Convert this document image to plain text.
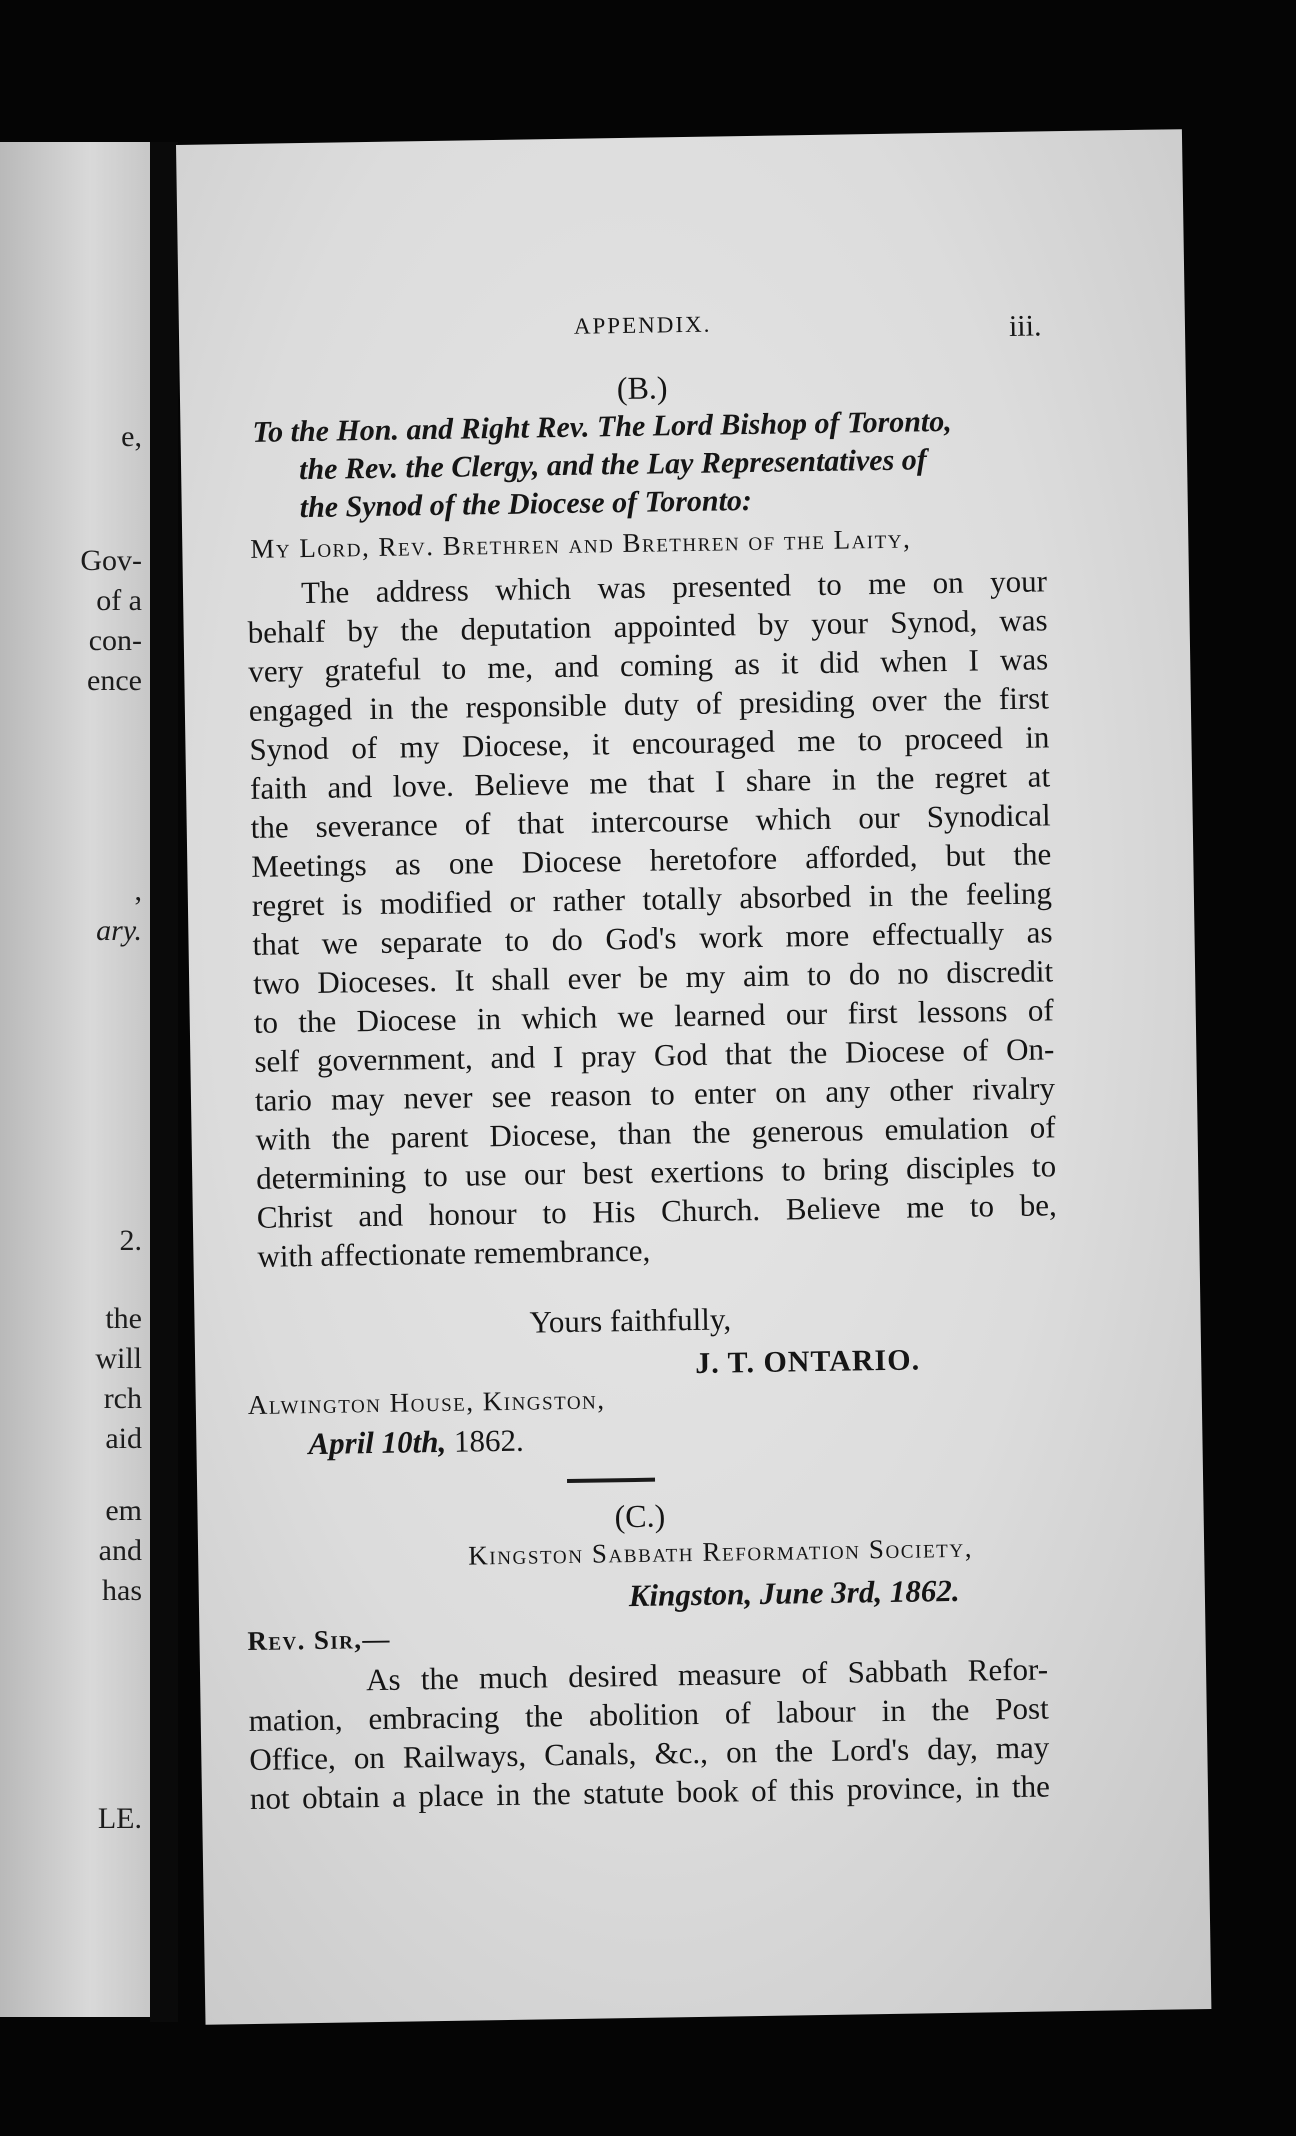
e,
Gov-
of a
con-
ence
,
ary.
2.
the
will
rch
aid
em
and
has
LE.
APPENDIX.	iii.
(B.)
To the Hon. and Right Rev. The Lord Bishop of Toronto,
the Rev. the Clergy, and the Lay Representatives of
the Synod of the Diocese of Toronto:
My Lord, Rev. Brethren and Brethren of the Laity,
The address which was presented to me on your
behalf by the deputation appointed by your Synod, was
very grateful to me, and coming as it did when I was
engaged in the responsible duty of presiding over the first
Synod of my Diocese, it encouraged me to proceed in
faith and love. Believe me that I share in the regret at
the severance of that intercourse which our Synodical
Meetings as one Diocese heretofore afforded, but the
regret is modified or rather totally absorbed in the feeling
that we separate to do God's work more effectually as
two Dioceses. It shall ever be my aim to do no discredit
to the Diocese in which we learned our first lessons of
self government, and I pray God that the Diocese of On-
tario may never see reason to enter on any other rivalry
with the parent Diocese, than the generous emulation of
determining to use our best exertions to bring disciples to
Christ and honour to His Church. Believe me to be,
with affectionate remembrance,
Yours faithfully,
J. T. ONTARIO.
Alwington House, Kingston,
April 10th, 1862.
(C.)
Kingston Sabbath Reformation Society,
Kingston, June 3rd, 1862.
Rev. Sir,—
As the much desired measure of Sabbath Refor-
mation, embracing the abolition of labour in the Post
Office, on Railways, Canals, &c., on the Lord's day, may
not obtain a place in the statute book of this province, in the
